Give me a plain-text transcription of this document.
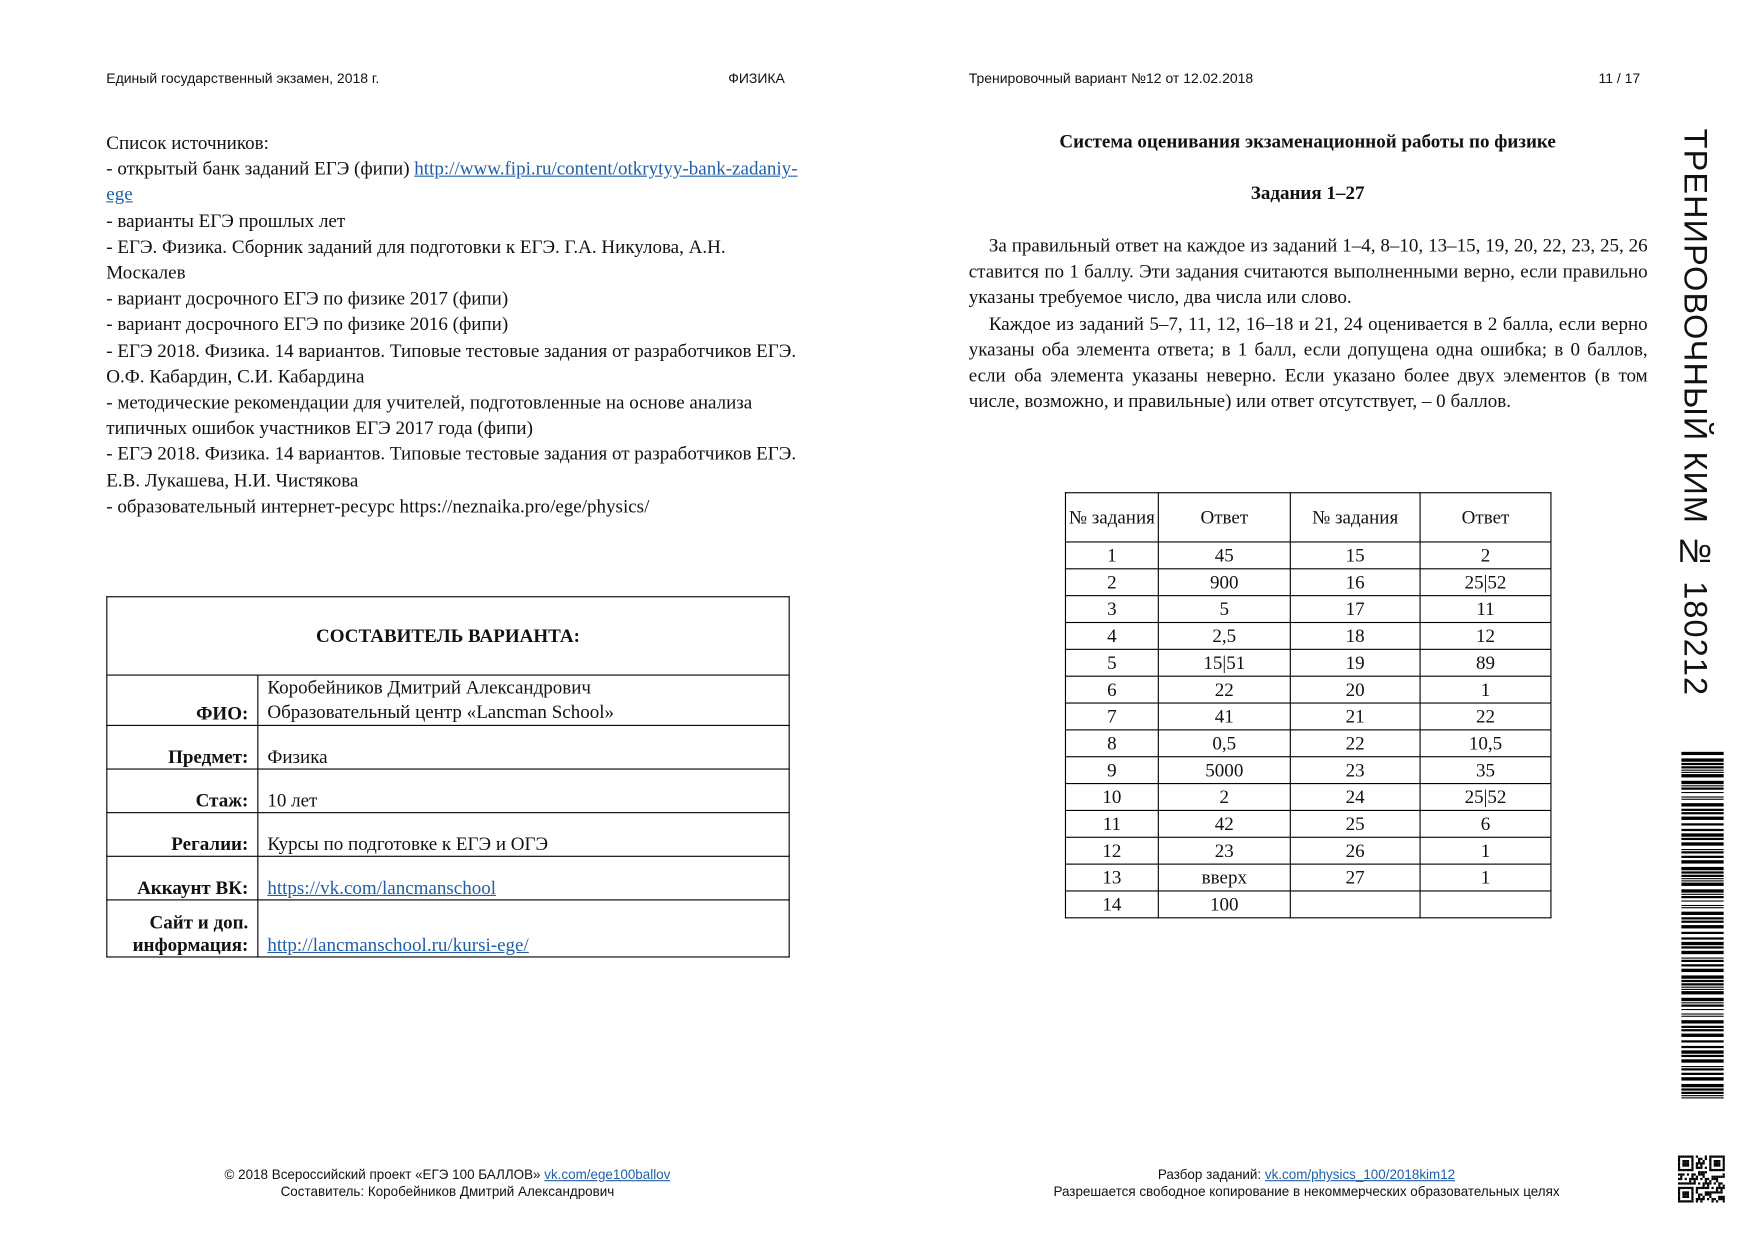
Единый государственный экзамен, 2018 г.	ФИЗИКА	Тренировочный вариант №12 от 12.02.2018	11 / 17
Список источников:
- открытый банк заданий ЕГЭ (фипи) http://www.fipi.ru/content/otkrytyy-bank-zadaniy-ege
- варианты ЕГЭ прошлых лет
- ЕГЭ. Физика. Сборник заданий для подготовки к ЕГЭ. Г.А. Никулова, А.Н. Москалев
- вариант досрочного ЕГЭ по физике 2017 (фипи)
- вариант досрочного ЕГЭ по физике 2016 (фипи)
- ЕГЭ 2018. Физика. 14 вариантов. Типовые тестовые задания от разработчиков ЕГЭ. О.Ф. Кабардин, С.И. Кабардина
- методические рекомендации для учителей, подготовленные на основе анализа типичных ошибок участников ЕГЭ 2017 года (фипи)
- ЕГЭ 2018. Физика. 14 вариантов. Типовые тестовые задания от разработчиков ЕГЭ. Е.В. Лукашева, Н.И. Чистякова
- образовательный интернет-ресурс https://neznaika.pro/ege/physics/
СОСТАВИТЕЛЬ ВАРИАНТА:	
ФИО:	Коробейников Дмитрий Александрович
Образовательный центр «Lancman School»

Предмет:	Физика
Стаж:	10 лет
Регалии:	Курсы по подготовке к ЕГЭ и ОГЭ
Аккаунт ВК:	https://vk.com/lancmanschool
Сайт и доп. информация:	http://lancmanschool.ru/kursi-ege/
Система оценивания экзаменационной работы по физике
Задания 1–27

За правильный ответ на каждое из заданий 1–4, 8–10, 13–15, 19, 20, 22, 23, 25, 26 ставится по 1 баллу. Эти задания считаются выполненными верно, если правильно указаны требуемое число, два числа или слово.

Каждое из заданий 5–7, 11, 12, 16–18 и 21, 24 оценивается в 2 балла, если верно указаны оба элемента ответа; в 1 балл, если допущена одна ошибка; в 0 баллов, если оба элемента указаны неверно. Если указано более двух элементов (в том числе, возможно, и правильные) или ответ отсутствует, – 0 баллов.

№ задания	Ответ	№ задания	Ответ
1	45	15	2
2	900	16	25|52
3	5	17	11
4	2,5	18	12
5	15|51	19	89
6	22	20	1
7	41	21	22
8	0,5	22	10,5
9	5000	23	35
10	2	24	25|52
11	42	25	6
12	23	26	1
13	вверх	27	1
14	100		
ТРЕНИРОВОЧНЫЙ КИМ № 180212
© 2018 Всероссийский проект «ЕГЭ 100 БАЛЛОВ» vk.com/ege100ballov
Составитель: Коробейников Дмитрий Александрович
Разбор заданий: vk.com/physics_100/2018kim12
Разрешается свободное копирование в некоммерческих образовательных целях
